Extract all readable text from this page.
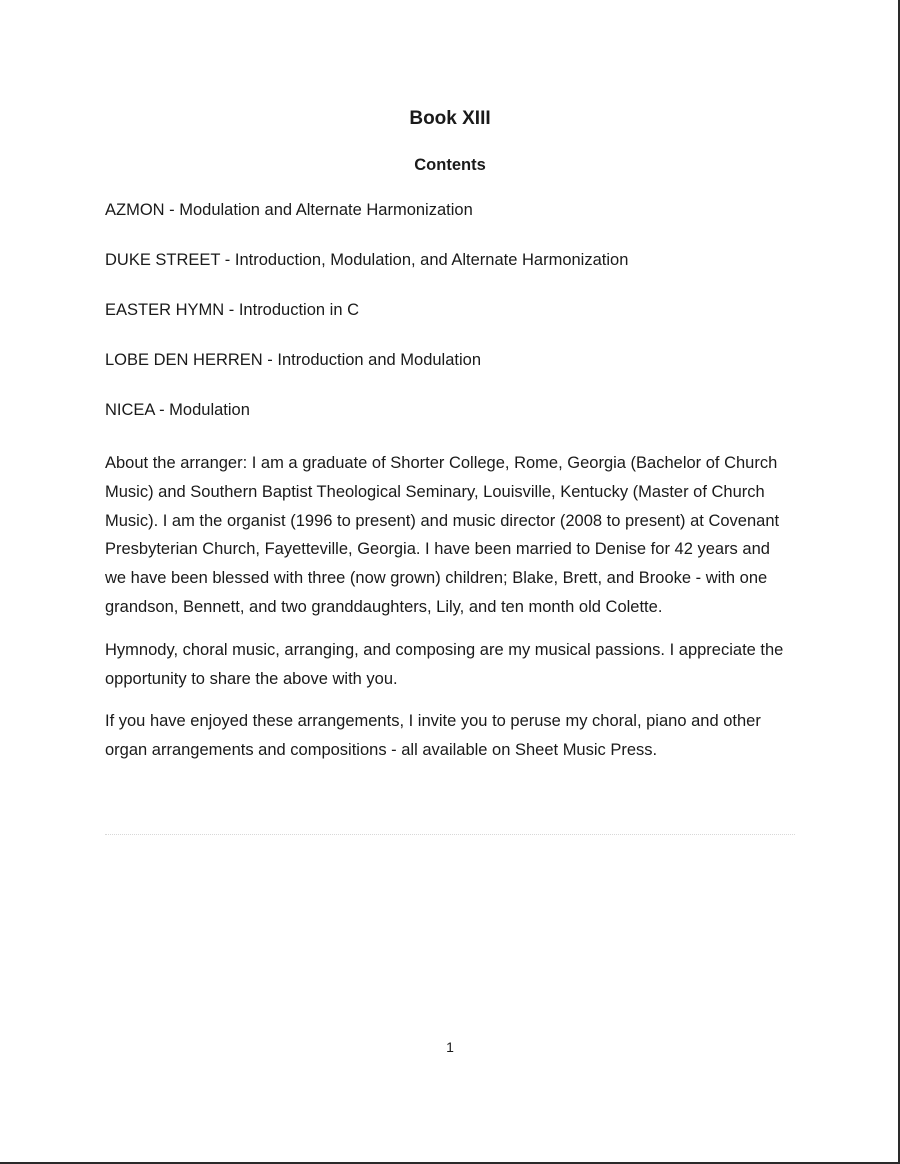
Book XIII
Contents
AZMON - Modulation and Alternate Harmonization
DUKE STREET - Introduction, Modulation, and Alternate Harmonization
EASTER HYMN - Introduction in C
LOBE DEN HERREN - Introduction and Modulation
NICEA - Modulation

About the arranger: I am a graduate of Shorter College, Rome, Georgia (Bachelor of Church Music) and Southern Baptist Theological Seminary, Louisville, Kentucky (Master of Church Music). I am the organist (1996 to present) and music director (2008 to present) at Covenant Presbyterian Church, Fayetteville, Georgia. I have been married to Denise for 42 years and we have been blessed with three (now grown) children; Blake, Brett, and Brooke - with one grandson, Bennett, and two granddaughters, Lily, and ten month old Colette.

Hymnody, choral music, arranging, and composing are my musical passions. I appreciate the opportunity to share the above with you.

If you have enjoyed these arrangements, I invite you to peruse my choral, piano and other organ arrangements and compositions - all available on Sheet Music Press.

1
